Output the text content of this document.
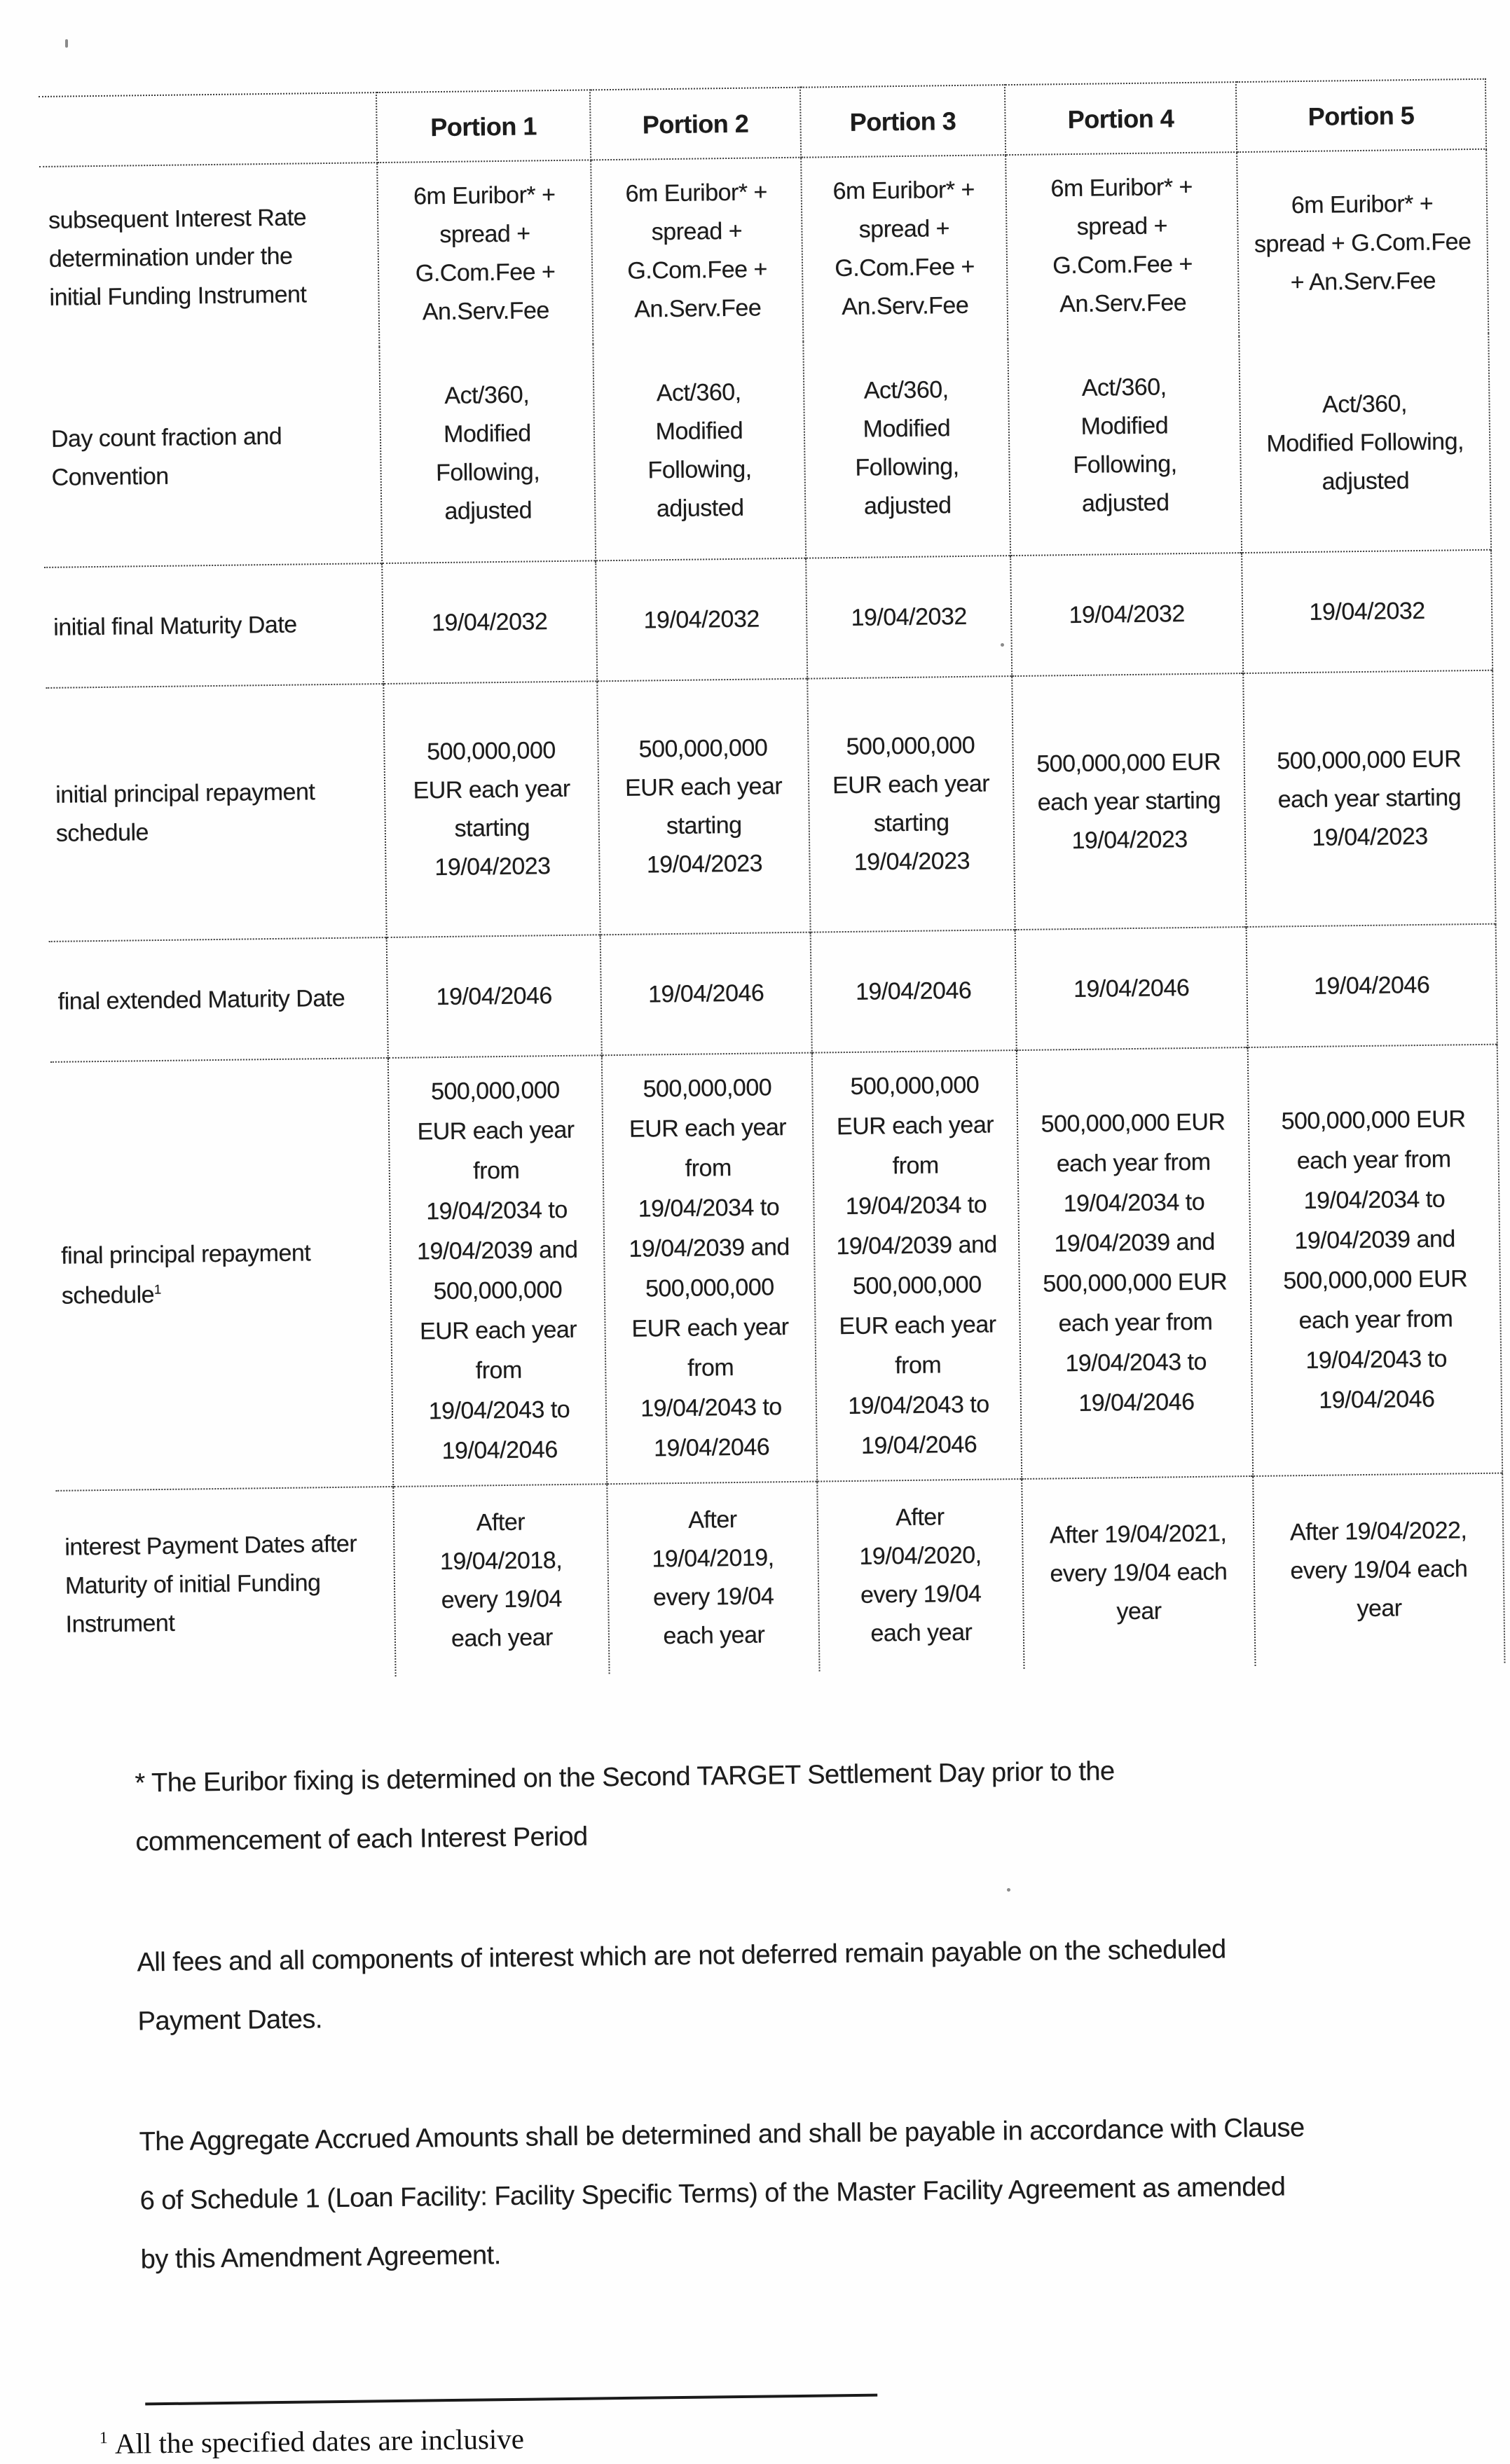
	Portion 1	Portion 2	Portion 3	Portion 4	Portion 5
subsequent Interest Rate
determination under the
initial Funding Instrument	6m Euribor* +
spread +
G.Com.Fee +
An.Serv.Fee	6m Euribor* +
spread +
G.Com.Fee +
An.Serv.Fee	6m Euribor* +
spread +
G.Com.Fee +
An.Serv.Fee	6m Euribor* +
spread +
G.Com.Fee +
An.Serv.Fee	6m Euribor* +
spread + G.Com.Fee
+ An.Serv.Fee
Day count fraction and
Convention	Act/360,
Modified
Following,
adjusted	Act/360,
Modified
Following,
adjusted	Act/360,
Modified
Following,
adjusted	Act/360,
Modified
Following,
adjusted	Act/360,
Modified Following,
adjusted
initial final Maturity Date	19/04/2032	19/04/2032	19/04/2032	19/04/2032	19/04/2032
initial principal repayment
schedule	500,000,000
EUR each year
starting
19/04/2023	500,000,000
EUR each year
starting
19/04/2023	500,000,000
EUR each year
starting
19/04/2023	500,000,000 EUR
each year starting
19/04/2023	500,000,000 EUR
each year starting
19/04/2023
final extended Maturity Date	19/04/2046	19/04/2046	19/04/2046	19/04/2046	19/04/2046
final principal repayment
schedule$^1$	500,000,000
EUR each year
from
19/04/2034 to
19/04/2039 and
500,000,000
EUR each year
from
19/04/2043 to
19/04/2046	500,000,000
EUR each year
from
19/04/2034 to
19/04/2039 and
500,000,000
EUR each year
from
19/04/2043 to
19/04/2046	500,000,000
EUR each year
from
19/04/2034 to
19/04/2039 and
500,000,000
EUR each year
from
19/04/2043 to
19/04/2046	500,000,000 EUR
each year from
19/04/2034 to
19/04/2039 and
500,000,000 EUR
each year from
19/04/2043 to
19/04/2046	500,000,000 EUR
each year from
19/04/2034 to
19/04/2039 and
500,000,000 EUR
each year from
19/04/2043 to
19/04/2046
interest Payment Dates after
Maturity of initial Funding
Instrument	After
19/04/2018,
every 19/04
each year	After
19/04/2019,
every 19/04
each year	After
19/04/2020,
every 19/04
each year	After 19/04/2021,
every 19/04 each
year	After 19/04/2022,
every 19/04 each
year

* The Euribor fixing is determined on the Second TARGET Settlement Day prior to the
commencement of each Interest Period

All fees and all components of interest which are not deferred remain payable on the scheduled
Payment Dates.

The Aggregate Accrued Amounts shall be determined and shall be payable in accordance with Clause
6 of Schedule 1 (Loan Facility: Facility Specific Terms) of the Master Facility Agreement as amended
by this Amendment Agreement.

$^1$ All the specified dates are inclusive
